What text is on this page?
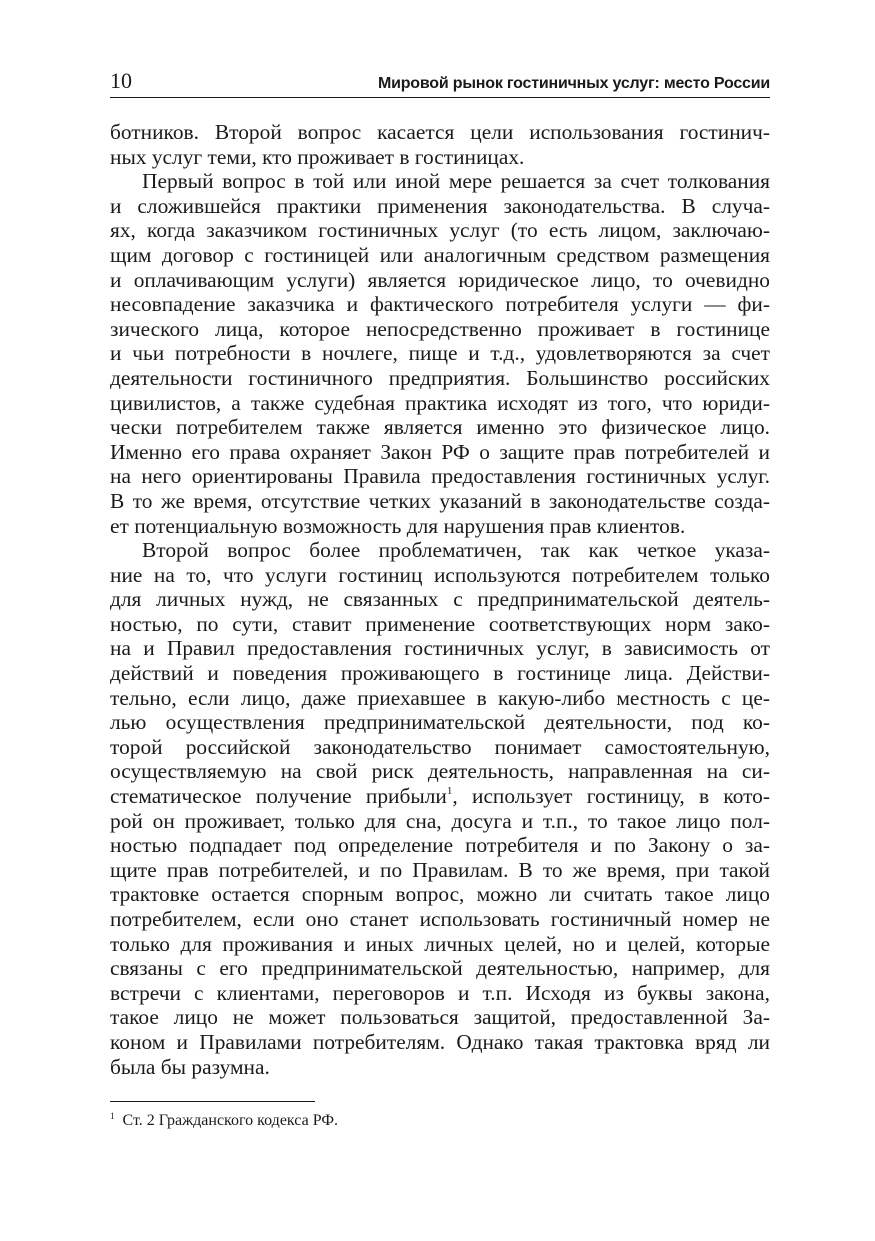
10	Мировой рынок гостиничных услуг: место России

ботников. Второй вопрос касается цели использования гостинич-
ных услуг теми, кто проживает в гостиницах.

Первый вопрос в той или иной мере решается за счет толкования
и сложившейся практики применения законодательства. В случа-
ях, когда заказчиком гостиничных услуг (то есть лицом, заключаю-
щим договор с гостиницей или аналогичным средством размещения
и оплачивающим услуги) является юридическое лицо, то очевидно
несовпадение заказчика и фактического потребителя услуги — фи-
зического лица, которое непосредственно проживает в гостинице
и чьи потребности в ночлеге, пище и т.д., удовлетворяются за счет
деятельности гостиничного предприятия. Большинство российских
цивилистов, а также судебная практика исходят из того, что юриди-
чески потребителем также является именно это физическое лицо.
Именно его права охраняет Закон РФ о защите прав потребителей и
на него ориентированы Правила предоставления гостиничных услуг.
В то же время, отсутствие четких указаний в законодательстве созда-
ет потенциальную возможность для нарушения прав клиентов.

Второй вопрос более проблематичен, так как четкое указа-
ние на то, что услуги гостиниц используются потребителем только
для личных нужд, не связанных с предпринимательской деятель-
ностью, по сути, ставит применение соответствующих норм зако-
на и Правил предоставления гостиничных услуг, в зависимость от
действий и поведения проживающего в гостинице лица. Действи-
тельно, если лицо, даже приехавшее в какую-либо местность с це-
лью осуществления предпринимательской деятельности, под ко-
торой российской законодательство понимает самостоятельную,
осуществляемую на свой риск деятельность, направленная на си-
стематическое получение прибыли$^1$, использует гостиницу, в кото-
рой он проживает, только для сна, досуга и т.п., то такое лицо пол-
ностью подпадает под определение потребителя и по Закону о за-
щите прав потребителей, и по Правилам. В то же время, при такой
трактовке остается спорным вопрос, можно ли считать такое лицо
потребителем, если оно станет использовать гостиничный номер не
только для проживания и иных личных целей, но и целей, которые
связаны с его предпринимательской деятельностью, например, для
встречи с клиентами, переговоров и т.п. Исходя из буквы закона,
такое лицо не может пользоваться защитой, предоставленной За-
коном и Правилами потребителям. Однако такая трактовка вряд ли
была бы разумна.

$^1$ Ст. 2 Гражданского кодекса РФ.
